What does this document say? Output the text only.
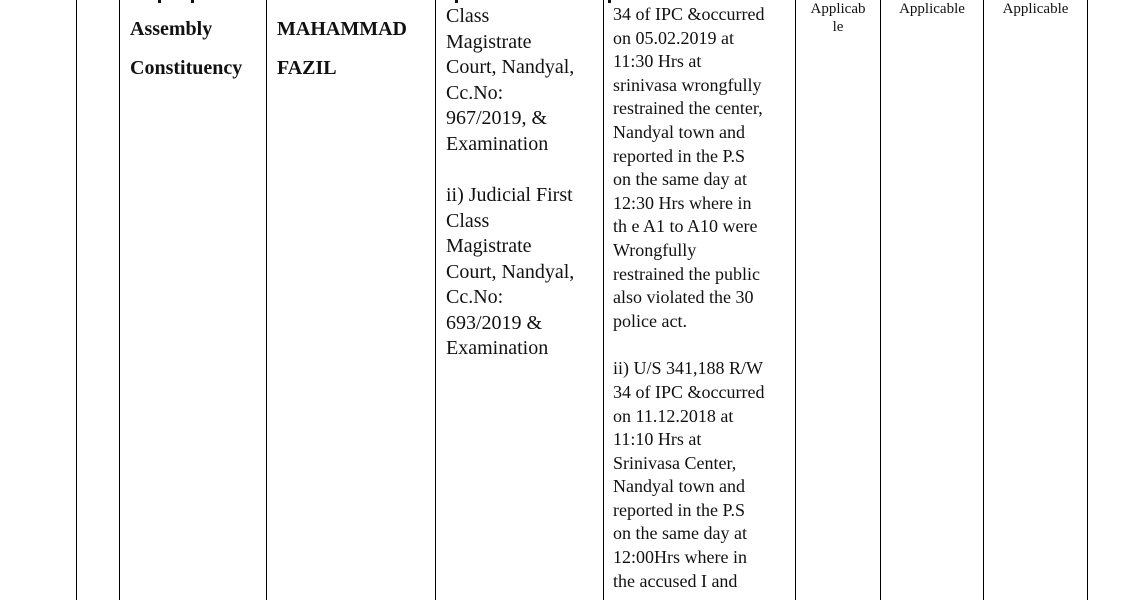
Assembly
Constituency
MAHAMMAD
FAZIL
Class
Magistrate
Court, Nandyal,
Cc.No:
967/2019, &
Examination
ii) Judicial First
Class
Magistrate
Court, Nandyal,
Cc.No:
693/2019 &
Examination
34 of IPC &occurred
on 05.02.2019 at
11:30 Hrs at
srinivasa wrongfully
restrained the center,
Nandyal town and
reported in the P.S
on the same day at
12:30 Hrs where in
th e A1 to A10 were
Wrongfully
restrained the public
also violated the 30
police act.
ii) U/S 341,188 R/W
34 of IPC &occurred
on 11.12.2018 at
11:10 Hrs at
Srinivasa Center,
Nandyal town and
reported in the P.S
on the same day at
12:00Hrs where in
the accused I and
Applicab
le
Applicable	Applicable
